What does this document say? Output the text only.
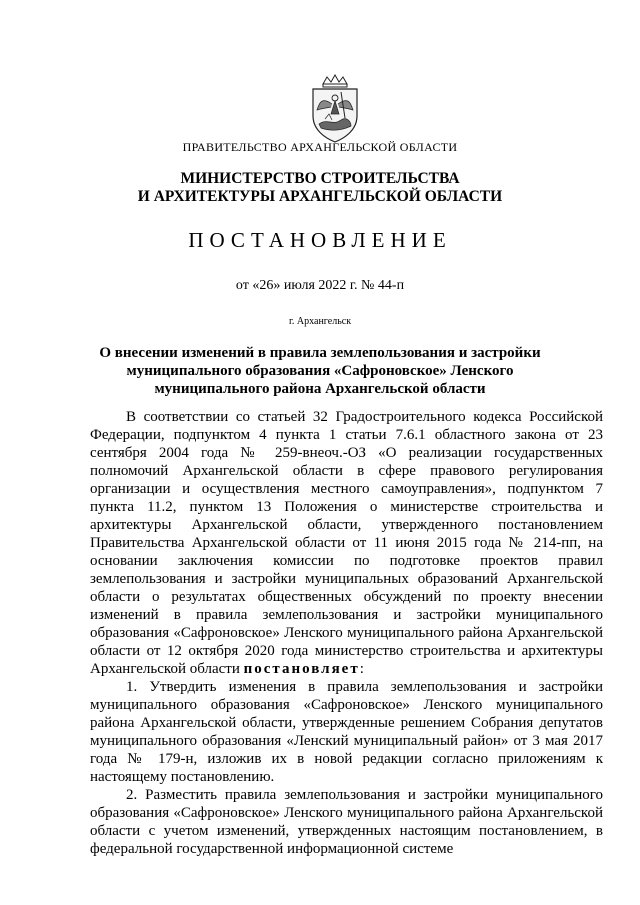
ПРАВИТЕЛЬСТВО АРХАНГЕЛЬСКОЙ ОБЛАСТИ
МИНИСТЕРСТВО СТРОИТЕЛЬСТВА
И АРХИТЕКТУРЫ АРХАНГЕЛЬСКОЙ ОБЛАСТИ
ПОСТАНОВЛЕНИЕ
от «26» июля 2022 г. № 44-п
г. Архангельск
О внесении изменений в правила землепользования и застройки
муниципального образования «Сафроновское» Ленского
муниципального района Архангельской области

В соответствии со статьей 32 Градостроительного кодекса Российской Федерации, подпунктом 4 пункта 1 статьи 7.6.1 областного закона от 23 сентября 2004 года № 259-внеоч.-ОЗ «О реализации государственных полномочий Архангельской области в сфере правового регулирования организации и осуществления местного самоуправления», подпунктом 7 пункта 11.2, пунктом 13 Положения о министерстве строительства и архитектуры Архангельской области, утвержденного постановлением Правительства Архангельской области от 11 июня 2015 года № 214-пп, на основании заключения комиссии по подготовке проектов правил землепользования и застройки муниципальных образований Архангельской области о результатах общественных обсуждений по проекту внесении изменений в правила землепользования и застройки муниципального образования «Сафроновское» Ленского муниципального района Архангельской области от 12 октября 2020 года министерство строительства и архитектуры Архангельской области постановляет:

1. Утвердить изменения в правила землепользования и застройки муниципального образования «Сафроновское» Ленского муниципального района Архангельской области, утвержденные решением Собрания депутатов муниципального образования «Ленский муниципальный район» от 3 мая 2017 года № 179-н, изложив их в новой редакции согласно приложениям к настоящему постановлению.

2. Разместить правила землепользования и застройки муниципального образования «Сафроновское» Ленского муниципального района Архангельской области с учетом изменений, утвержденных настоящим постановлением, в федеральной государственной информационной системе
